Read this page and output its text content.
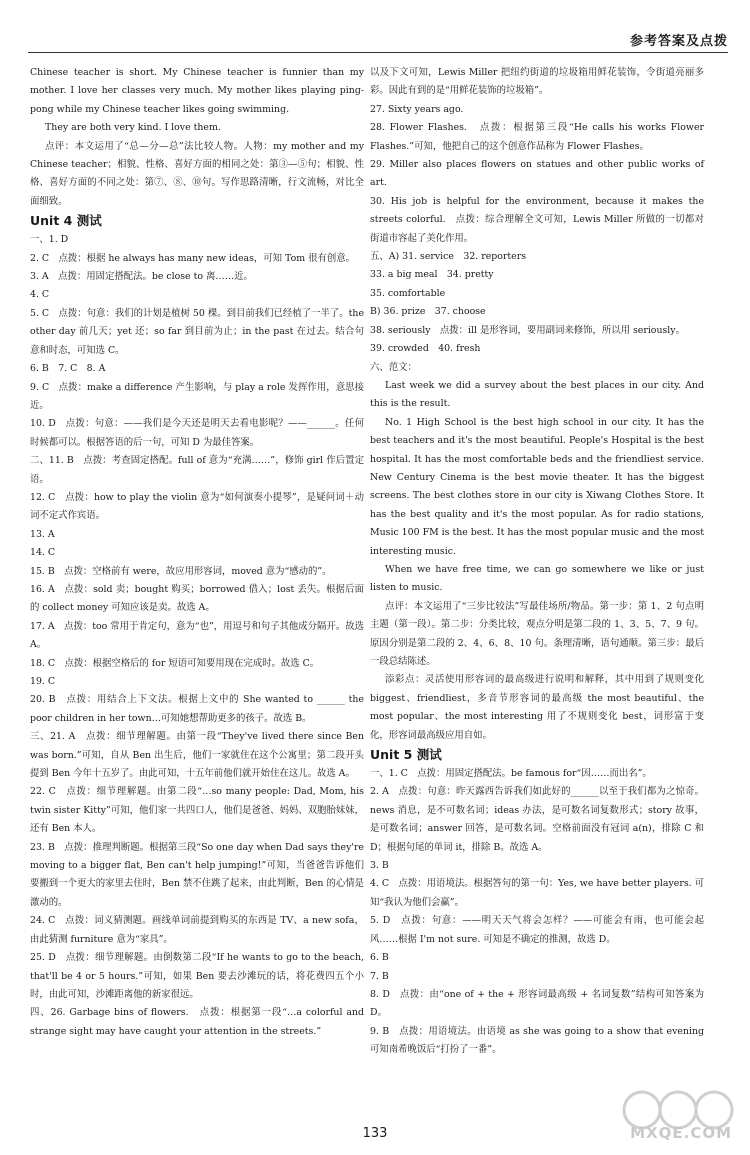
参考答案及点拨

Chinese teacher is short. My Chinese teacher is funnier than my mother. I love her classes very much. My mother likes playing ping-pong while my Chinese teacher likes going swimming.

They are both very kind. I love them.

点评：本文运用了“总—分—总”法比较人物。人物：my mother and my Chinese teacher；相貌、性格、喜好方面的相同之处：第③—⑤句；相貌、性格、喜好方面的不同之处：第⑦、⑧、⑩句。写作思路清晰，行文流畅，对比全面细致。

Unit 4 测试

一、1. D

2. C　点拨：根据 he always has many new ideas，可知 Tom 很有创意。

3. A　点拨：用固定搭配法。be close to 离……近。

4. C

5. C　点拨：句意：我们的计划是植树 50 棵。到目前我们已经植了一半了。the other day 前几天；yet 还；so far 到目前为止；in the past 在过去。结合句意和时态，可知选 C。

6. B　7. C　8. A

9. C　点拨：make a difference 产生影响，与 play a role 发挥作用，意思接近。

10. D　点拨：句意：——我们是今天还是明天去看电影呢？——______。任何时候都可以。根据答语的后一句，可知 D 为最佳答案。

二、11. B　点拨：考查固定搭配。full of 意为“充满……”，修饰 girl 作后置定语。

12. C　点拨：how to play the violin 意为“如何演奏小提琴”，是疑问词＋动词不定式作宾语。

13. A

14. C

15. B　点拨：空格前有 were，故应用形容词，moved 意为“感动的”。

16. A　点拨：sold 卖；bought 购买；borrowed 借入；lost 丢失。根据后面的 collect money 可知应该是卖。故选 A。

17. A　点拨：too 常用于肯定句，意为“也”，用逗号和句子其他成分隔开。故选 A。

18. C　点拨：根据空格后的 for 短语可知要用现在完成时。故选 C。

19. C

20. B　点拨：用结合上下文法。根据上文中的 She wanted to ______ the poor children in her town…可知她想帮助更多的孩子。故选 B。

三、21. A　点拨：细节理解题。由第一段“They've lived there since Ben was born.”可知，自从 Ben 出生后，他们一家就住在这个公寓里；第二段开头提到 Ben 今年十五岁了。由此可知，十五年前他们就开始住在这儿。故选 A。

22. C　点拨：细节理解题。由第二段“…so many people: Dad, Mom, his twin sister Kitty”可知，他们家一共四口人，他们是爸爸、妈妈、双胞胎妹妹，还有 Ben 本人。

23. B　点拨：推理判断题。根据第三段“So one day when Dad says they're moving to a bigger flat, Ben can't help jumping!”可知，当爸爸告诉他们要搬到一个更大的家里去住时，Ben 禁不住跳了起来，由此判断，Ben 的心情是激动的。

24. C　点拨：词义猜测题。画线单词前提到购买的东西是 TV、a new sofa，由此猜测 furniture 意为“家具”。

25. D　点拨：细节理解题。由倒数第二段“If he wants to go to the beach, that'll be 4 or 5 hours.”可知，如果 Ben 要去沙滩玩的话，将花费四五个小时，由此可知，沙滩距离他的新家很远。

四、26. Garbage bins of flowers.　点拨：根据第一段“…a colorful and strange sight may have caught your attention in the streets.”

以及下文可知，Lewis Miller 把纽约街道的垃圾箱用鲜花装饰，令街道亮丽多彩。因此有到的是“用鲜花装饰的垃圾箱”。

27. Sixty years ago.

28. Flower Flashes.　点拨：根据第三段“He calls his works Flower Flashes.”可知，他把自己的这个创意作品称为 Flower Flashes。

29. Miller also places flowers on statues and other public works of art.

30. His job is helpful for the environment, because it makes the streets colorful.　点拨：综合理解全文可知，Lewis Miller 所做的一切都对街道市容起了美化作用。

五、A) 31. service　32. reporters

33. a big meal　34. pretty

35. comfortable

B) 36. prize　37. choose

38. seriously　点拨：ill 是形容词，要用副词来修饰，所以用 seriously。

39. crowded　40. fresh

六、范文：

Last week we did a survey about the best places in our city. And this is the result.

No. 1 High School is the best high school in our city. It has the best teachers and it's the most beautiful. People's Hospital is the best hospital. It has the most comfortable beds and the friendliest service. New Century Cinema is the best movie theater. It has the biggest screens. The best clothes store in our city is Xiwang Clothes Store. It has the best quality and it's the most popular. As for radio stations, Music 100 FM is the best. It has the most popular music and the most interesting music.

When we have free time, we can go somewhere we like or just listen to music.

点评：本文运用了“三步比较法”写最佳场所/物品。第一步：第 1、2 句点明主题（第一段）。第二步：分类比较，观点分明是第二段的 1、3、5、7、9 句。原因分别是第二段的 2、4、6、8、10 句。条理清晰，语句通顺。第三步：最后一段总结陈述。

添彩点：灵活使用形容词的最高级进行说明和解释，其中用到了规则变化 biggest、friendliest，多音节形容词的最高级 the most beautiful、the most popular、the most interesting 用了不规则变化 best，词形富于变化，形容词最高级应用自如。

Unit 5 测试

一、1. C　点拨：用固定搭配法。be famous for“因……而出名”。

2. A　点拨：句意：昨天露西告诉我们如此好的______以至于我们都为之惊奇。news 消息，是不可数名词；ideas 办法，是可数名词复数形式；story 故事，是可数名词；answer 回答，是可数名词。空格前面没有冠词 a(n)，排除 C 和 D；根据句尾的单词 it，排除 B。故选 A。

3. B

4. C　点拨：用语境法。根据答句的第一句：Yes, we have better players. 可知“我认为他们会赢”。

5. D　点拨：句意：——明天天气将会怎样？——可能会有雨，也可能会起风……根据 I'm not sure. 可知是不确定的推测，故选 D。

6. B

7. B

8. D　点拨：由“one of + the + 形容词最高级 + 名词复数”结构可知答案为 D。

9. B　点拨：用语境法。由语境 as she was going to a show that evening 可知南希晚饭后“打扮了一番”。

MXQE.COM
133
